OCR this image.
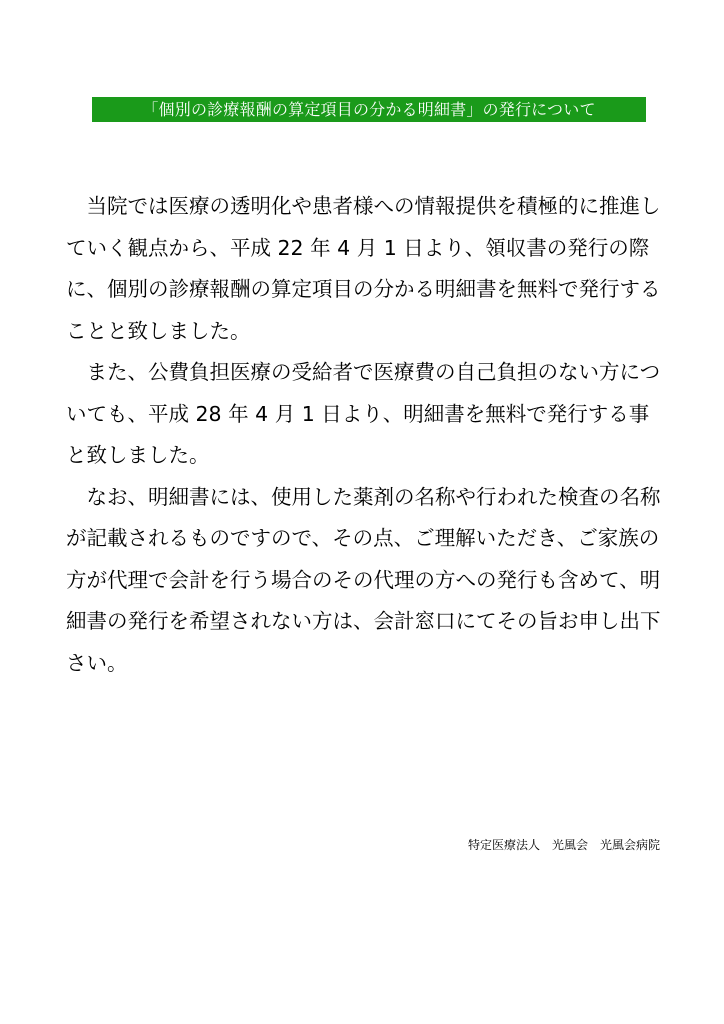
「個別の診療報酬の算定項目の分かる明細書」の発行について

当院では医療の透明化や患者様への情報提供を積極的に推進していく観点から、平成 22 年 4 月 1 日より、領収書の発行の際に、個別の診療報酬の算定項目の分かる明細書を無料で発行することと致しました。

また、公費負担医療の受給者で医療費の自己負担のない方についても、平成 28 年 4 月 1 日より、明細書を無料で発行する事と致しました。

なお、明細書には、使用した薬剤の名称や行われた検査の名称が記載されるものですので、その点、ご理解いただき、ご家族の方が代理で会計を行う場合のその代理の方への発行も含めて、明細書の発行を希望されない方は、会計窓口にてその旨お申し出下さい。

特定医療法人　光風会　光風会病院
